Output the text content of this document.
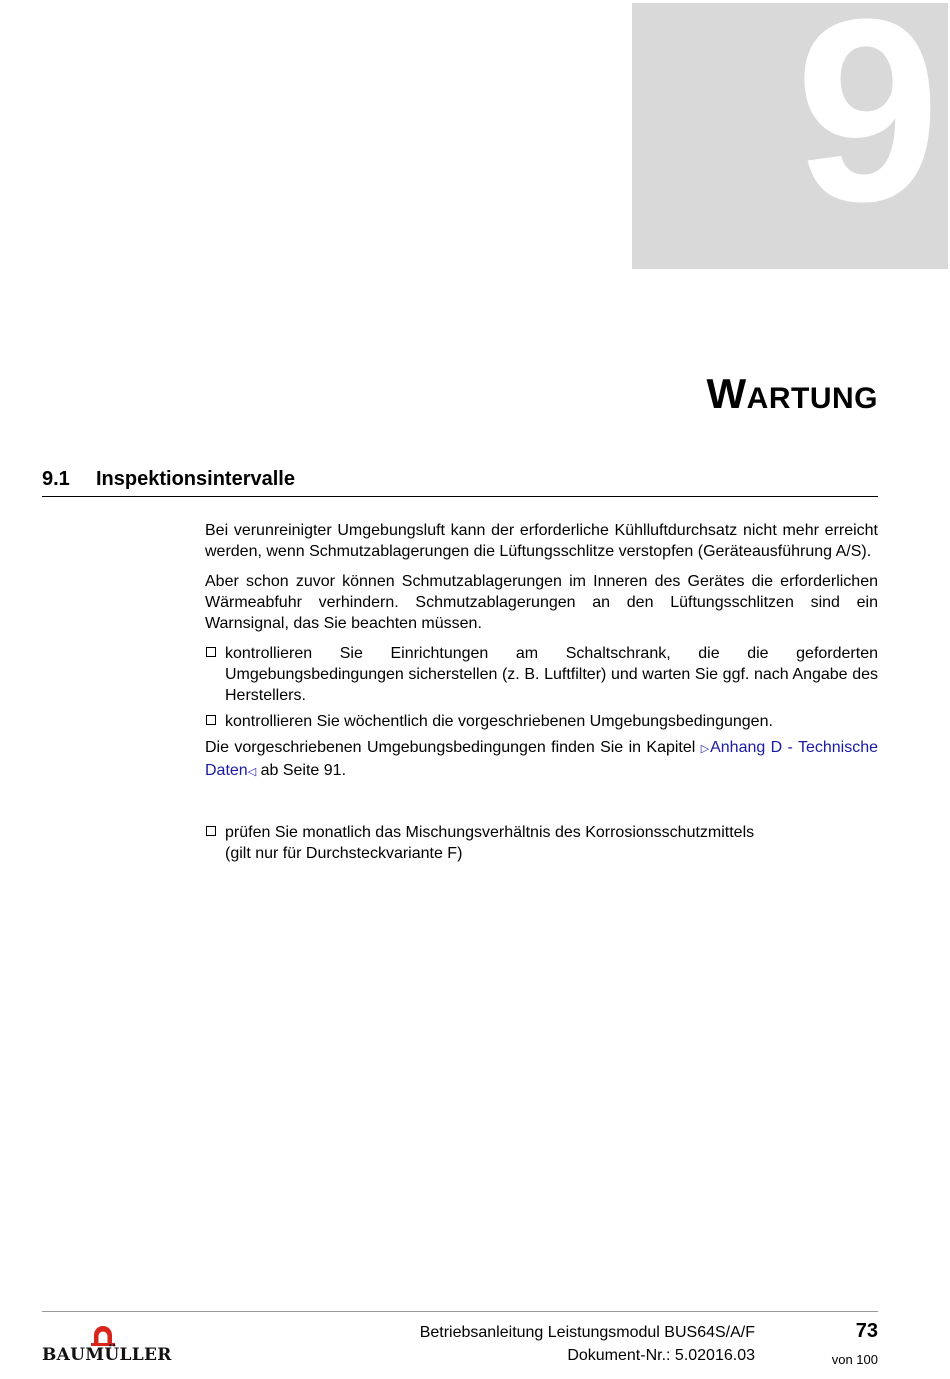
9
WARTUNG
9.1 Inspektionsintervalle

Bei verunreinigter Umgebungsluft kann der erforderliche Kühlluftdurchsatz nicht mehr erreicht werden, wenn Schmutzablagerungen die Lüftungsschlitze verstopfen (Geräteausführung A/S).

Aber schon zuvor können Schmutzablagerungen im Inneren des Gerätes die erforderlichen Wärmeabfuhr verhindern. Schmutzablagerungen an den Lüftungsschlitzen sind ein Warnsignal, das Sie beachten müssen.

kontrollieren Sie Einrichtungen am Schaltschrank, die die geforderten Umgebungsbedingungen sicherstellen (z. B. Luftfilter) und warten Sie ggf. nach Angabe des Herstellers.
kontrollieren Sie wöchentlich die vorgeschriebenen Umgebungsbedingungen.

Die vorgeschriebenen Umgebungsbedingungen finden Sie in Kapitel ▷Anhang D - Technische Daten◁ ab Seite 91.

prüfen Sie monatlich das Mischungsverhältnis des Korrosionsschutzmittels
(gilt nur für Durchsteckvariante F)
BAUMÜLLER
Betriebsanleitung Leistungsmodul BUS64S/A/F
Dokument-Nr.: 5.02016.03
73
von 100
